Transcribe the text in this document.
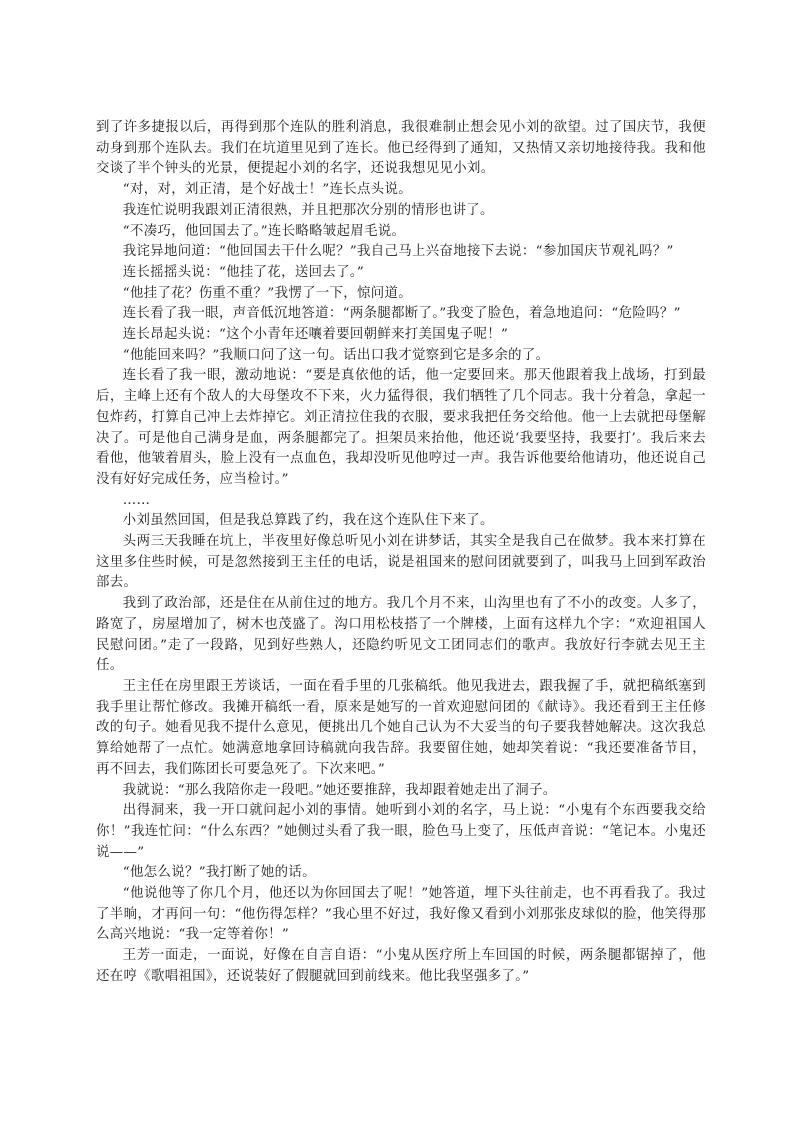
到了许多捷报以后，再得到那个连队的胜利消息，我很难制止想会见小刘的欲望。过了国庆节，我便动身到那个连队去。我们在坑道里见到了连长。他已经得到了通知，又热情又亲切地接待我。我和他交谈了半个钟头的光景，便提起小刘的名字，还说我想见见小刘。

“对，对，刘正清，是个好战士！”连长点头说。

我连忙说明我跟刘正清很熟，并且把那次分别的情形也讲了。

“不凑巧，他回国去了。”连长略略皱起眉毛说。

我诧异地问道：“他回国去干什么呢？”我自己马上兴奋地接下去说：“参加国庆节观礼吗？”

连长摇摇头说：“他挂了花，送回去了。”

“他挂了花？伤重不重？”我愣了一下，惊问道。

连长看了我一眼，声音低沉地答道：“两条腿都断了。”我变了脸色，着急地追问：“危险吗？”

连长昂起头说：“这个小青年还嚷着要回朝鲜来打美国鬼子呢！”

“他能回来吗？”我顺口问了这一句。话出口我才觉察到它是多余的了。

连长看了我一眼，激动地说：“要是真依他的话，他一定要回来。那天他跟着我上战场，打到最后，主峰上还有个敌人的大母堡攻不下来，火力猛得很，我们牺牲了几个同志。我十分着急，拿起一包炸药，打算自己冲上去炸掉它。刘正清拉住我的衣服，要求我把任务交给他。他一上去就把母堡解决了。可是他自己满身是血，两条腿都完了。担架员来抬他，他还说‘我要坚持，我要打’。我后来去看他，他皱着眉头，脸上没有一点血色，我却没听见他哼过一声。我告诉他要给他请功，他还说自己没有好好完成任务，应当检讨。”

……

小刘虽然回国，但是我总算践了约，我在这个连队住下来了。

头两三天我睡在坑上，半夜里好像总听见小刘在讲梦话，其实全是我自己在做梦。我本来打算在这里多住些时候，可是忽然接到王主任的电话，说是祖国来的慰问团就要到了，叫我马上回到军政治部去。

我到了政治部，还是住在从前住过的地方。我几个月不来，山沟里也有了不小的改变。人多了，路宽了，房屋增加了，树木也茂盛了。沟口用松枝搭了一个牌楼，上面有这样九个字：“欢迎祖国人民慰问团。”走了一段路，见到好些熟人，还隐约听见文工团同志们的歌声。我放好行李就去见王主任。

王主任在房里跟王芳谈话，一面在看手里的几张稿纸。他见我进去，跟我握了手，就把稿纸塞到我手里让帮忙修改。我摊开稿纸一看，原来是她写的一首欢迎慰问团的《献诗》。我还看到王主任修改的句子。她看见我不提什么意见，便挑出几个她自己认为不大妥当的句子要我替她解决。这次我总算给她帮了一点忙。她满意地拿回诗稿就向我告辞。我要留住她，她却笑着说：“我还要准备节目，再不回去，我们陈团长可要急死了。下次来吧。”

我就说：“那么我陪你走一段吧。”她还要推辞，我却跟着她走出了洞子。

出得洞来，我一开口就问起小刘的事情。她听到小刘的名字，马上说：“小鬼有个东西要我交给你！”我连忙问：“什么东西？”她侧过头看了我一眼，脸色马上变了，压低声音说：“笔记本。小鬼还说——”

“他怎么说？”我打断了她的话。

“他说他等了你几个月，他还以为你回国去了呢！”她答道，埋下头往前走，也不再看我了。我过了半晌，才再问一句：“他伤得怎样？”我心里不好过，我好像又看到小刘那张皮球似的脸，他笑得那么高兴地说：“我一定等着你！”

王芳一面走，一面说，好像在自言自语：“小鬼从医疗所上车回国的时候，两条腿都锯掉了，他还在哼《歌唱祖国》，还说装好了假腿就回到前线来。他比我坚强多了。”
